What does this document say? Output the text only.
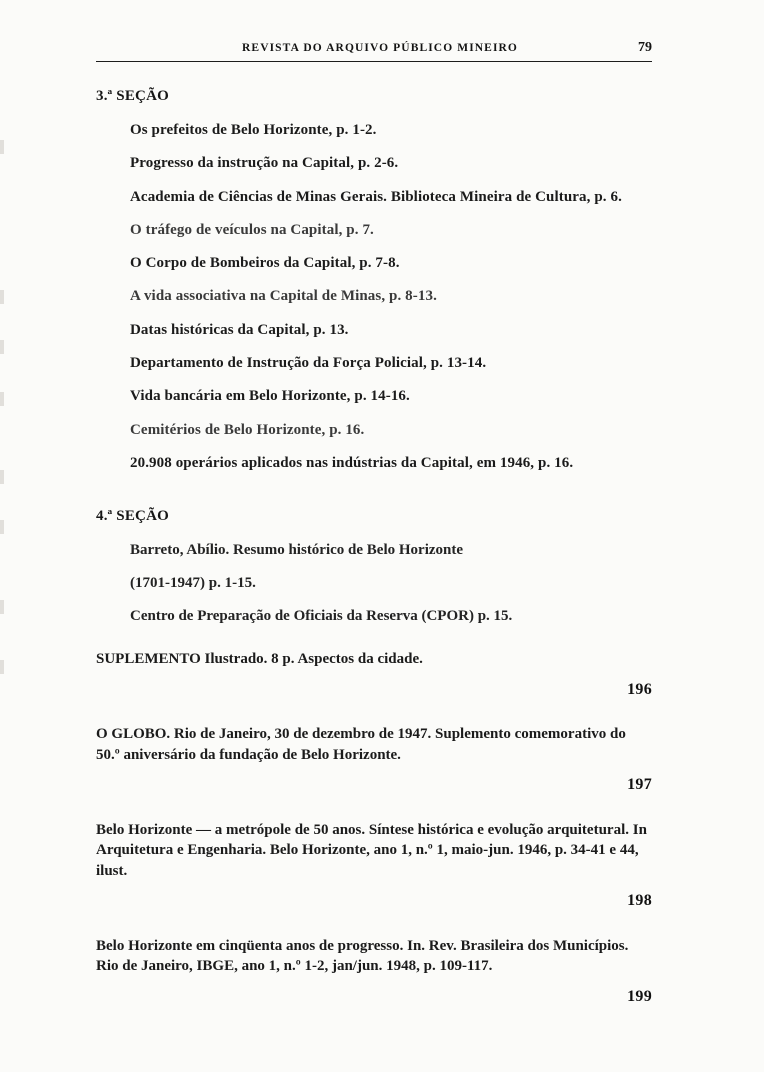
REVISTA DO ARQUIVO PÚBLICO MINEIRO	79
3.ª SEÇÃO
Os prefeitos de Belo Horizonte, p. 1-2.
Progresso da instrução na Capital, p. 2-6.
Academia de Ciências de Minas Gerais. Biblioteca Mineira de Cultura, p. 6.
O tráfego de veículos na Capital, p. 7.
O Corpo de Bombeiros da Capital, p. 7-8.
A vida associativa na Capital de Minas, p. 8-13.
Datas históricas da Capital, p. 13.
Departamento de Instrução da Força Policial, p. 13-14.
Vida bancária em Belo Horizonte, p. 14-16.
Cemitérios de Belo Horizonte, p. 16.
20.908 operários aplicados nas indústrias da Capital, em 1946, p. 16.
4.ª SEÇÃO
Barreto, Abílio. Resumo histórico de Belo Horizonte
(1701-1947) p. 1-15.
Centro de Preparação de Oficiais da Reserva (CPOR) p. 15.
SUPLEMENTO Ilustrado. 8 p. Aspectos da cidade.
196
O GLOBO. Rio de Janeiro, 30 de dezembro de 1947. Suplemento comemorativo do 50.º aniversário da fundação de Belo Horizonte.
197
Belo Horizonte — a metrópole de 50 anos. Síntese histórica e evolução arquitetural. In Arquitetura e Engenharia. Belo Horizonte, ano 1, n.º 1, maio-jun. 1946, p. 34-41 e 44, ilust.
198
Belo Horizonte em cinqüenta anos de progresso. In. Rev. Brasileira dos Municípios. Rio de Janeiro, IBGE, ano 1, n.º 1-2, jan/jun. 1948, p. 109-117.
199
